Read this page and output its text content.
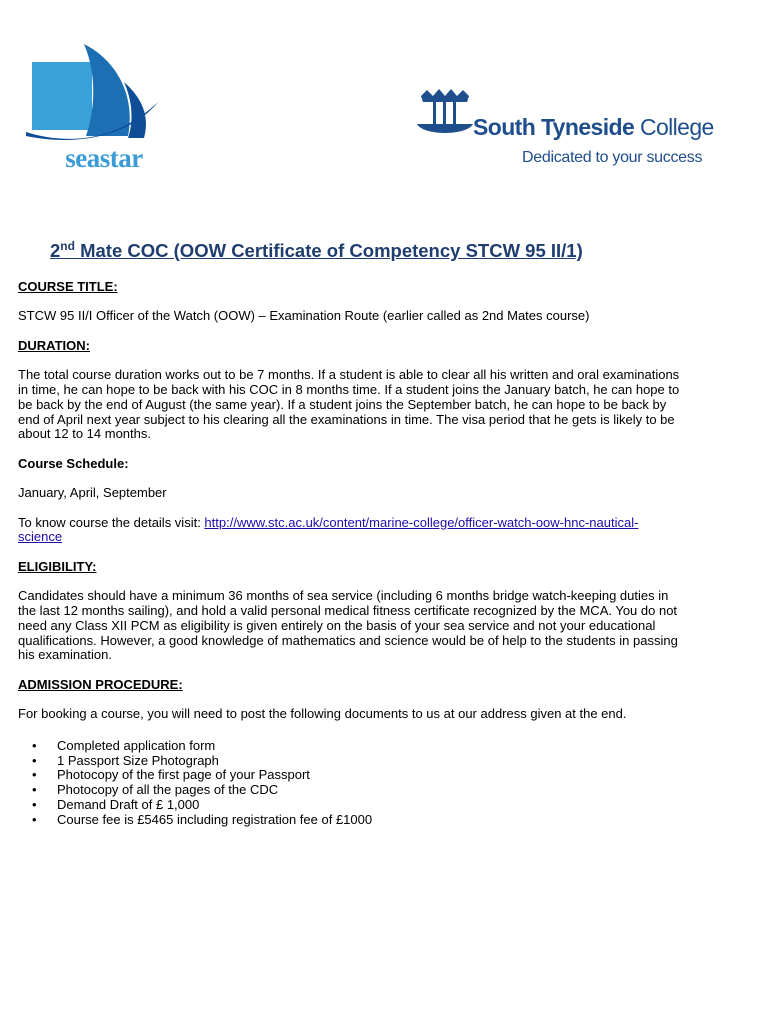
seastar
South Tyneside College
Dedicated to your success
2nd Mate COC (OOW Certificate of Competency STCW 95 II/1)

COURSE TITLE:

STCW 95 II/I Officer of the Watch (OOW) – Examination Route (earlier called as 2nd Mates course)

DURATION:

The total course duration works out to be 7 months. If a student is able to clear all his written and oral examinations in time, he can hope to be back with his COC in 8 months time. If a student joins the January batch, he can hope to be back by the end of August (the same year). If a student joins the September batch, he can hope to be back by end of April next year subject to his clearing all the examinations in time. The visa period that he gets is likely to be about 12 to 14 months.

Course Schedule:

January, April, September

To know course the details visit: http://www.stc.ac.uk/content/marine-college/officer-watch-oow-hnc-nautical-science

ELIGIBILITY:

Candidates should have a minimum 36 months of sea service (including 6 months bridge watch-keeping duties in the last 12 months sailing), and hold a valid personal medical fitness certificate recognized by the MCA. You do not need any Class XII PCM as eligibility is given entirely on the basis of your sea service and not your educational qualifications. However, a good knowledge of mathematics and science would be of help to the students in passing his examination.

ADMISSION PROCEDURE:

For booking a course, you will need to post the following documents to us at our address given at the end.

• Completed application form
• 1 Passport Size Photograph
• Photocopy of the first page of your Passport
• Photocopy of all the pages of the CDC
• Demand Draft of £ 1,000
• Course fee is £5465 including registration fee of £1000
